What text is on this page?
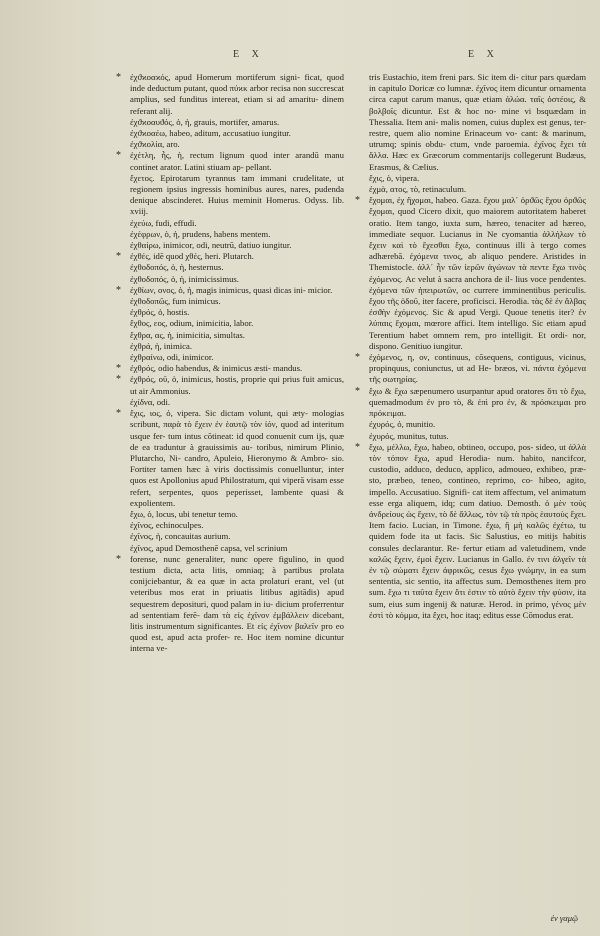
E X	E X

* ἐχϑϰοαϰός, apud Homerum mortiferum signi- ficat, quod inde deductum putant, quod πύϰκ arbor recisa non succrescat amplius, sed funditus intereat, etiam si ad amaritu- dinem referant alij.

ἐχϑϰοαυϑός, ὁ, ἡ, grauis, mortifer, amarus.

ἐχϑϰοαέω, habeo, aditum, accusatiuo iungitur.

ἐχϑϰολία, aro.

* ἐχέτλη, ἧς, ἡ, rectum lignum quod inter arandū manu continet arator. Latini stiuam ap- pellant.

ἔχετος. Epirotarum tyrannus tam immani crudelitate, ut regionem ipsius ingressis hominibus aures, nares, pudenda denique abscinderet. Huius meminit Homerus. Odyss. lib. xviij.

ἐχεύω, fudi, effudi.

ἐχέφρων, ὁ, ἡ, prudens, habens mentem.

ἐχθαίρω, inimicor, odi, neutrū, datiuo iungitur.

* ἐχθές, idē quod χθές, heri. Plutarch.

ἐχθοδοπός, ὁ, ἡ, hesternus.

ἐχθοδοπός, ὁ, ἡ, inimicissimus.

* ἐχθίων, ονος, ὁ, ἡ, magis inimicus, quasi dicas ini- micior.

ἐχθοδοπῶς, fum inimicus.

ἐχθρός, ὁ, hostis.

ἔχθος, εος, odium, inimicitia, labor.

ἔχθρα, ας, ἡ, inimicitia, simultas.

ἐχθρά, ἡ, inimica.

ἐχθραίνω, odi, inimicor.

* ἐχθρός, odio habendus, & inimicus æsti- mandus.

* ἐχθρός, οῦ, ὁ, inimicus, hostis, proprie qui prius fuit amicus, ut air Ammonius.

ἐχίδνα, odi.

* ἔχις, ιος, ὁ, vipera. Sic dictam volunt, qui æty- mologias scribunt, παρὰ τὸ ἔχειν ἐν ἑαυτῷ τὸν ἰόν, quod ad interitum usque fer- tum intus cōtineat: id quod conuenit cum ijs, quæ de ea traduntur à grauissimis au- toribus, nimirum Plinio, Plutarcho, Ni- candro, Apuleio, Hieronymo & Ambro- sio. Fortiter tamen hæc à viris doctissimis conuelluntur, inter quos est Apollonius apud Philostratum, qui viperā visam esse refert, serpentes, quos peperisset, lambente quasi & expolientem.

ἔχω, ὁ, locus, ubi tenetur temo.

ἐχῖνος, echinoculpes.

ἐχῖνος, ἡ, concauitas aurium.

ἐχῖνος, apud Demosthenē capsa, vel scrinium

* forense, nunc generaliter, nunc opere figulino, in quod testium dicta, acta litis, omniaq; à partibus prolata conijciebantur, & ea quæ in acta prolaturi erant, vel (ut veteribus mos erat in priuatis litibus agitādis) apud sequestrem deposituri, quod palam in iu- dicium proferrentur ad sententiam ferē- dam τὰ εἰς ἐχῖνον ἐμβάλλειν dicebant, litis instrumentum significantes. Et εἰς ἐχῖνον βαλεῖν pro eo quod est, apud acta profer- re. Hoc item nomine dicuntur interna ve-

tris Eustachio, item freni pars. Sic item di- citur pars quædam in capitulo Doricæ co lumnæ. ἐχῖνος item dicuntur ornamenta circa caput carum manus, quæ etiam ἀλώα. ταῖς ὀστέοις, & βολβοῖς dicuntur. Est & hoc no- mine vi bsquædam in Thessalia. Item ani- malis nomen, cuius duplex est genus, ter- restre, quem alio nomine Erinaceum vo- cant: & marinum, utrumq; spinis obdu- ctum, vnde paroemia. ἐχῖνος ἔχει τὰ ἄλλα. Hæc ex Græcorum commentarijs collegerunt Budæus, Erasmus, & Cælius.

ἔχις, ὁ, vipera.

ἐχμὰ, ατος, τὸ, retinaculum.

* ἔχομαι, ἐχ ἤχομαι, habeo. Gaza. ἔχου μαλ᾽ ὀρϑῶς ἔχου ὀρϑῶς ἔχομαι, quod Cicero dixit, quo maiorem autoritatem haberet oratio. Item tango, iuxta sum, hæreo, tenaciter ad hæreo, immediate sequor. Lucianus in Ne cyomantia ἀλλήλων τὸ ἔχειν καὶ τὸ ἔχεσθαι ἔχω, continuus illi à tergo comes adhærebā. ἐχόμενα τινος, ab aliquo pendere. Aristides in Themistocle. ἀλλ᾽ ἦν τῶν ἱερῶν ἀγώνων τὰ πεντε ἔχω τινὸς ἐχόμενος. Ac velut à sacra anchora de il- lius voce pendentes. ἐχόμενα τῶν ἠπειρωτῶν, oc currere imminentibus periculis. ἔχου τῆς ὁδοῦ, iter facere, proficisci. Herodia. τὰς δὲ ἐν ἅλβας ἐσϑὴν ἐχόμενος. Sic & apud Vergi. Quoue tenetis iter? ἐν λύπαις ἔχομαι, mœrore affici. Item intelligo. Sic etiam apud Terentium habet omnem rem, pro intelligit. Et ordi- nor, dispono. Genitiuo iungitur.

* ἐχόμενος, η, ον, continuus, cōsequens, contiguus, vicinus, propinquus, coniunctus, ut ad He- bræos, vi. πάντα ἐχόμενα τῆς σωτηρίας.

* ἔχω & ἔχω sæpenumero usurpantur apud oratores ὅτι τὸ ἔχω, quemadmodum ἐν pro τὸ, & ἐπὶ pro ἐν, & πρόσκειμαι pro πρόκειμαι.

ἐχυρός, ὁ, munitio.

ἐχυρός, munitus, tutus.

* ἔχω, μέλλω, ἔχω, habeo, obtineo, occupo, pos- sideo, ut ἀλλὰ τὸν τόπον ἔχω, apud Herodia- num. habito, nancifcor, custodio, adduco, deduco, applico, admoueo, exhibeo, præ- sto, præbeo, teneo, contineo, reprimo, co- hibeo, agito, impello. Accusatiuo. Signifi- cat item affectum, vel animatum esse erga aliquem, idq; cum datiuo. Demosth. ὁ μὲν τοὺς ἀνδρείους ὡς ἔχειν, τὸ δὲ ἄλλως, τὸν τῷ τὰ πρὸς ἑαυτοὺς ἔχει. Item facio. Lucian, in Timone. ἔχω, ἢ μὴ καλῶς ἐχέτω, tu quidem fode ita ut facis. Sic Salustius, eo mitijs habitis consules declarantur. Re- fertur etiam ad valetudinem, vnde καλῶς ἔχειν, ἐμοὶ ἔχειν. Lucianus in Gallo. ἐν τινι ἀλγεῖν τὰ ἐν τῷ σώματι ἔχειν ἀφρικῶς, cesus ἔχω γνώμην, in ea sum sententia, sic sentio, ita affectus sum. Demosthenes item pro sum. ἔχω τι ταῦτα ἔχειν ὅτι ἐστιν τὸ αὐτὸ ἔχειν τὴν φύσιν, ita sum, eius sum ingenij & naturæ. Herod. in primo, γένος μὲν ἐστὶ τὸ κόμμα, ita ἔχει, hoc itaq; editus esse Cōmodus erat.

ἐν γαμῷ
